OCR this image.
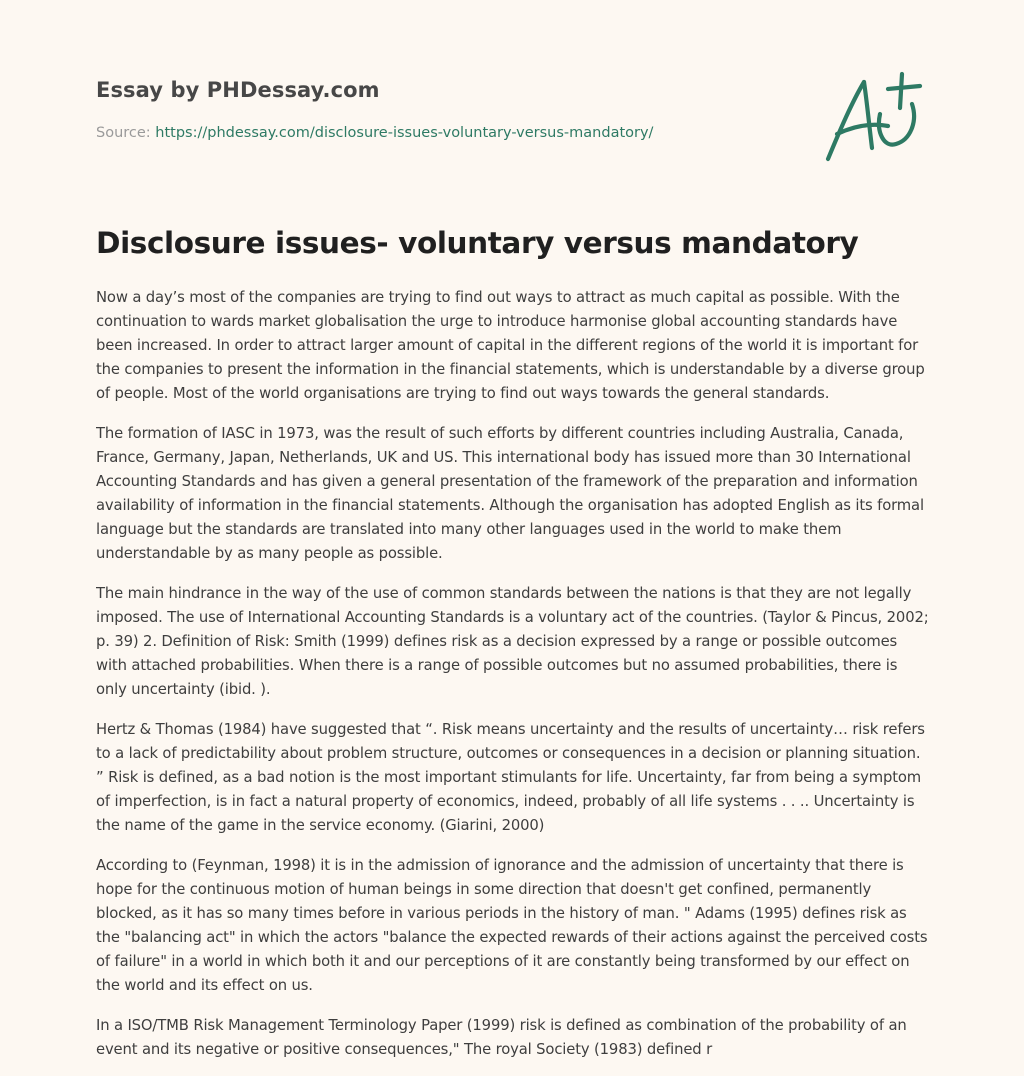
Essay by PHDessay.com
Source: https://phdessay.com/disclosure-issues-voluntary-versus-mandatory/
Disclosure issues- voluntary versus mandatory

Now a day’s most of the companies are trying to find out ways to attract as much capital as possible. With the continuation to wards market globalisation the urge to introduce harmonise global accounting standards have been increased. In order to attract larger amount of capital in the different regions of the world it is important for the companies to present the information in the financial statements, which is understandable by a diverse group of people. Most of the world organisations are trying to find out ways towards the general standards.

The formation of IASC in 1973, was the result of such efforts by different countries including Australia, Canada, France, Germany, Japan, Netherlands, UK and US. This international body has issued more than 30 International Accounting Standards and has given a general presentation of the framework of the preparation and information availability of information in the financial statements. Although the organisation has adopted English as its formal language but the standards are translated into many other languages used in the world to make them understandable by as many people as possible.

The main hindrance in the way of the use of common standards between the nations is that they are not legally imposed. The use of International Accounting Standards is a voluntary act of the countries. (Taylor & Pincus, 2002; p. 39) 2. Definition of Risk: Smith (1999) defines risk as a decision expressed by a range or possible outcomes with attached probabilities. When there is a range of possible outcomes but no assumed probabilities, there is only uncertainty (ibid. ).

Hertz & Thomas (1984) have suggested that “. Risk means uncertainty and the results of uncertainty… risk refers to a lack of predictability about problem structure, outcomes or consequences in a decision or planning situation. ” Risk is defined, as a bad notion is the most important stimulants for life. Uncertainty, far from being a symptom of imperfection, is in fact a natural property of economics, indeed, probably of all life systems . . .. Uncertainty is the name of the game in the service economy. (Giarini, 2000)

According to (Feynman, 1998) it is in the admission of ignorance and the admission of uncertainty that there is hope for the continuous motion of human beings in some direction that doesn't get confined, permanently blocked, as it has so many times before in various periods in the history of man. " Adams (1995) defines risk as the "balancing act" in which the actors "balance the expected rewards of their actions against the perceived costs of failure" in a world in which both it and our perceptions of it are constantly being transformed by our effect on the world and its effect on us.

In a ISO/TMB Risk Management Terminology Paper (1999) risk is defined as combination of the probability of an event and its negative or positive consequences," The royal Society (1983) defined r
